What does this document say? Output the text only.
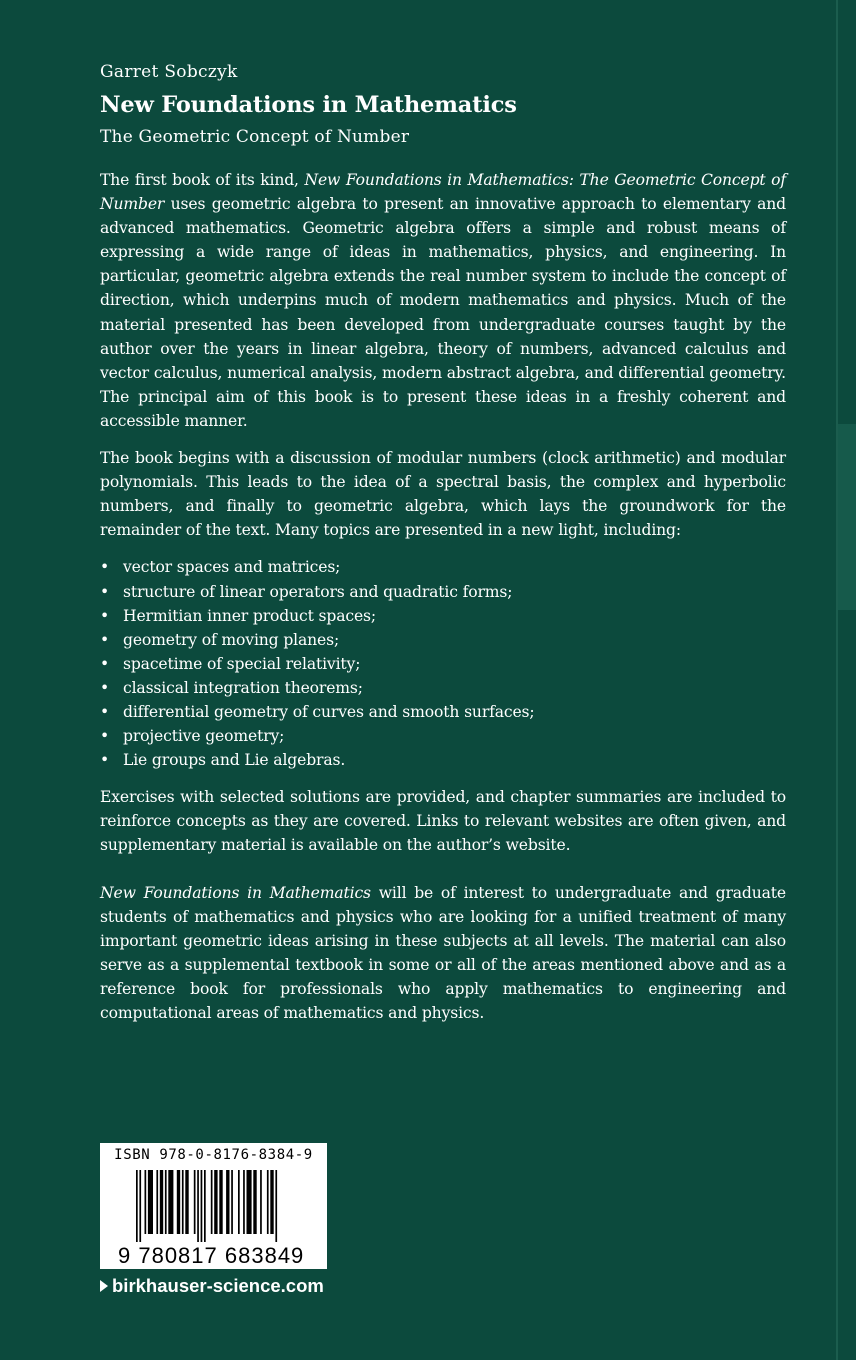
Garret Sobczyk
New Foundations in Mathematics
The Geometric Concept of Number

The first book of its kind, New Foundations in Mathematics: The Geometric Concept of Number uses geometric algebra to present an innovative approach to elementary and advanced mathematics. Geometric algebra offers a simple and robust means of expressing a wide range of ideas in mathematics, physics, and engineering. In particular, geometric algebra extends the real number system to include the concept of direction, which underpins much of modern mathematics and physics. Much of the material presented has been developed from undergraduate courses taught by the author over the years in linear algebra, theory of numbers, advanced calculus and vector calculus, numerical analysis, modern abstract algebra, and differential geometry. The principal aim of this book is to present these ideas in a freshly coherent and accessible manner.

The book begins with a discussion of modular numbers (clock arithmetic) and modular polynomials. This leads to the idea of a spectral basis, the complex and hyperbolic numbers, and finally to geometric algebra, which lays the groundwork for the remainder of the text. Many topics are presented in a new light, including:

• vector spaces and matrices;
• structure of linear operators and quadratic forms;
• Hermitian inner product spaces;
• geometry of moving planes;
• spacetime of special relativity;
• classical integration theorems;
• differential geometry of curves and smooth surfaces;
• projective geometry;
• Lie groups and Lie algebras.

Exercises with selected solutions are provided, and chapter summaries are included to reinforce concepts as they are covered. Links to relevant websites are often given, and supplementary material is available on the author’s website.

New Foundations in Mathematics will be of interest to undergraduate and graduate students of mathematics and physics who are looking for a unified treatment of many important geometric ideas arising in these subjects at all levels. The material can also serve as a supplemental textbook in some or all of the areas mentioned above and as a reference book for professionals who apply mathematics to engineering and computational areas of mathematics and physics.

ISBN 978-0-8176-8384-9
9 780817 683849
birkhauser-science.com
